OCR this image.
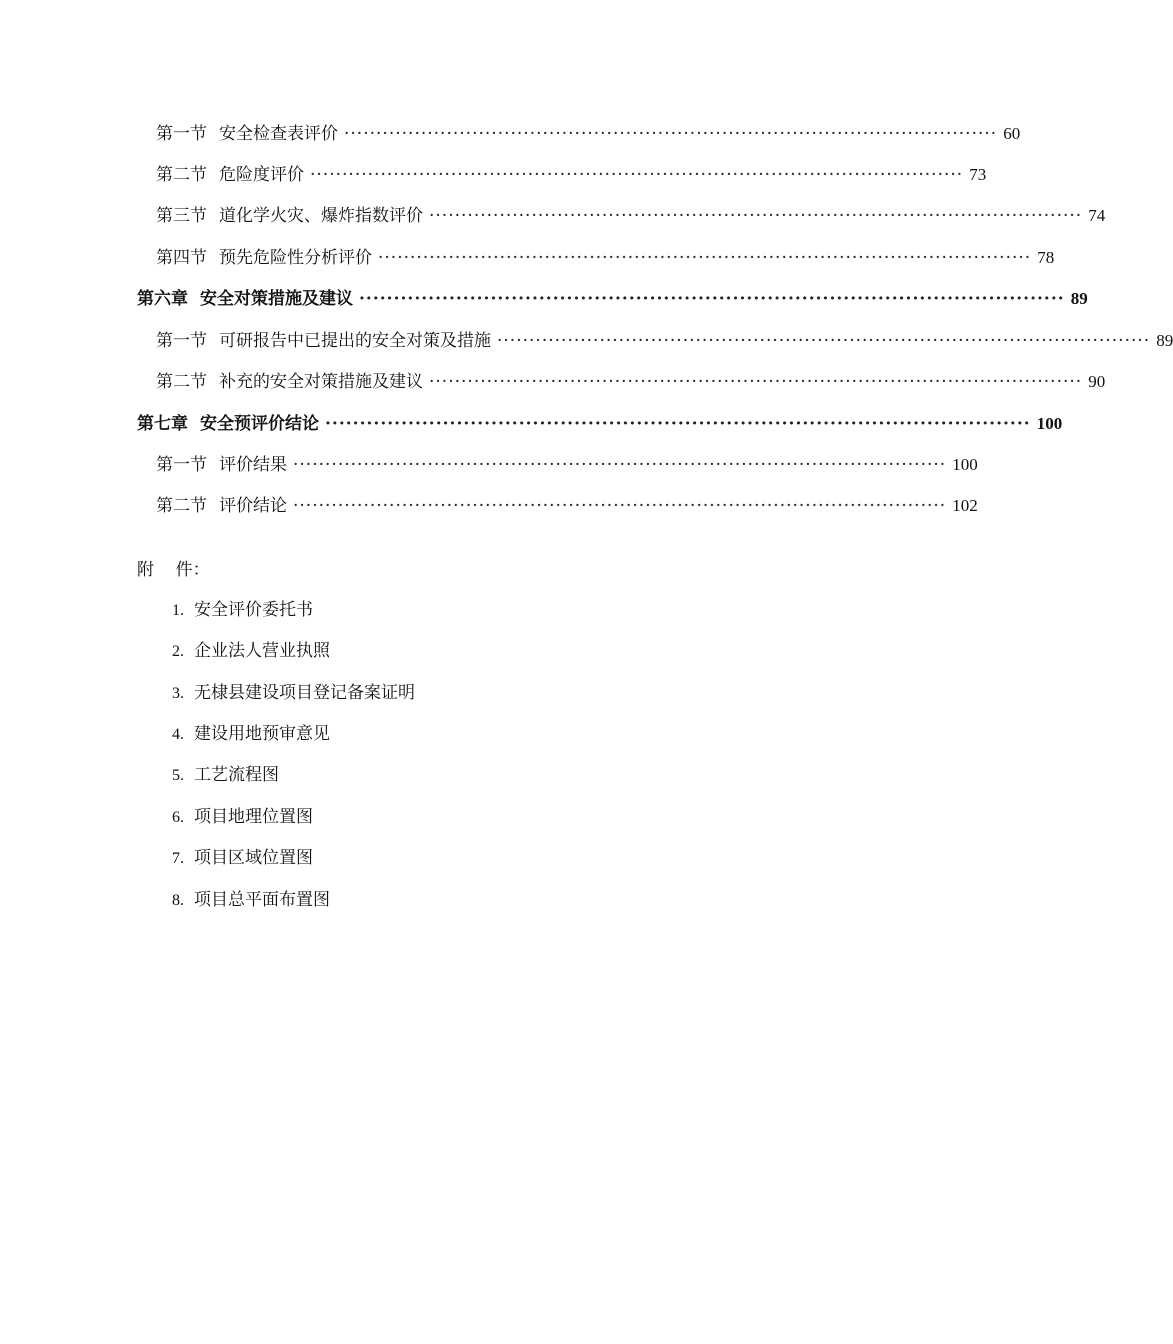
第一节 安全检查表评价 ······································································································ 60
第二节 危险度评价 ······································································································ 73
第三节 道化学火灾、爆炸指数评价 ······································································································ 74
第四节 预先危险性分析评价 ······································································································ 78
第六章 安全对策措施及建议 ······································································································ 89
第一节 可研报告中已提出的安全对策及措施 ······································································································ 89
第二节 补充的安全对策措施及建议 ······································································································ 90
第七章 安全预评价结论 ······································································································ 100
第一节 评价结果 ······································································································ 100
第二节 评价结论 ······································································································ 102
附    件：
1. 安全评价委托书
2. 企业法人营业执照
3. 无棣县建设项目登记备案证明
4. 建设用地预审意见
5. 工艺流程图
6. 项目地理位置图
7. 项目区域位置图
8. 项目总平面布置图
